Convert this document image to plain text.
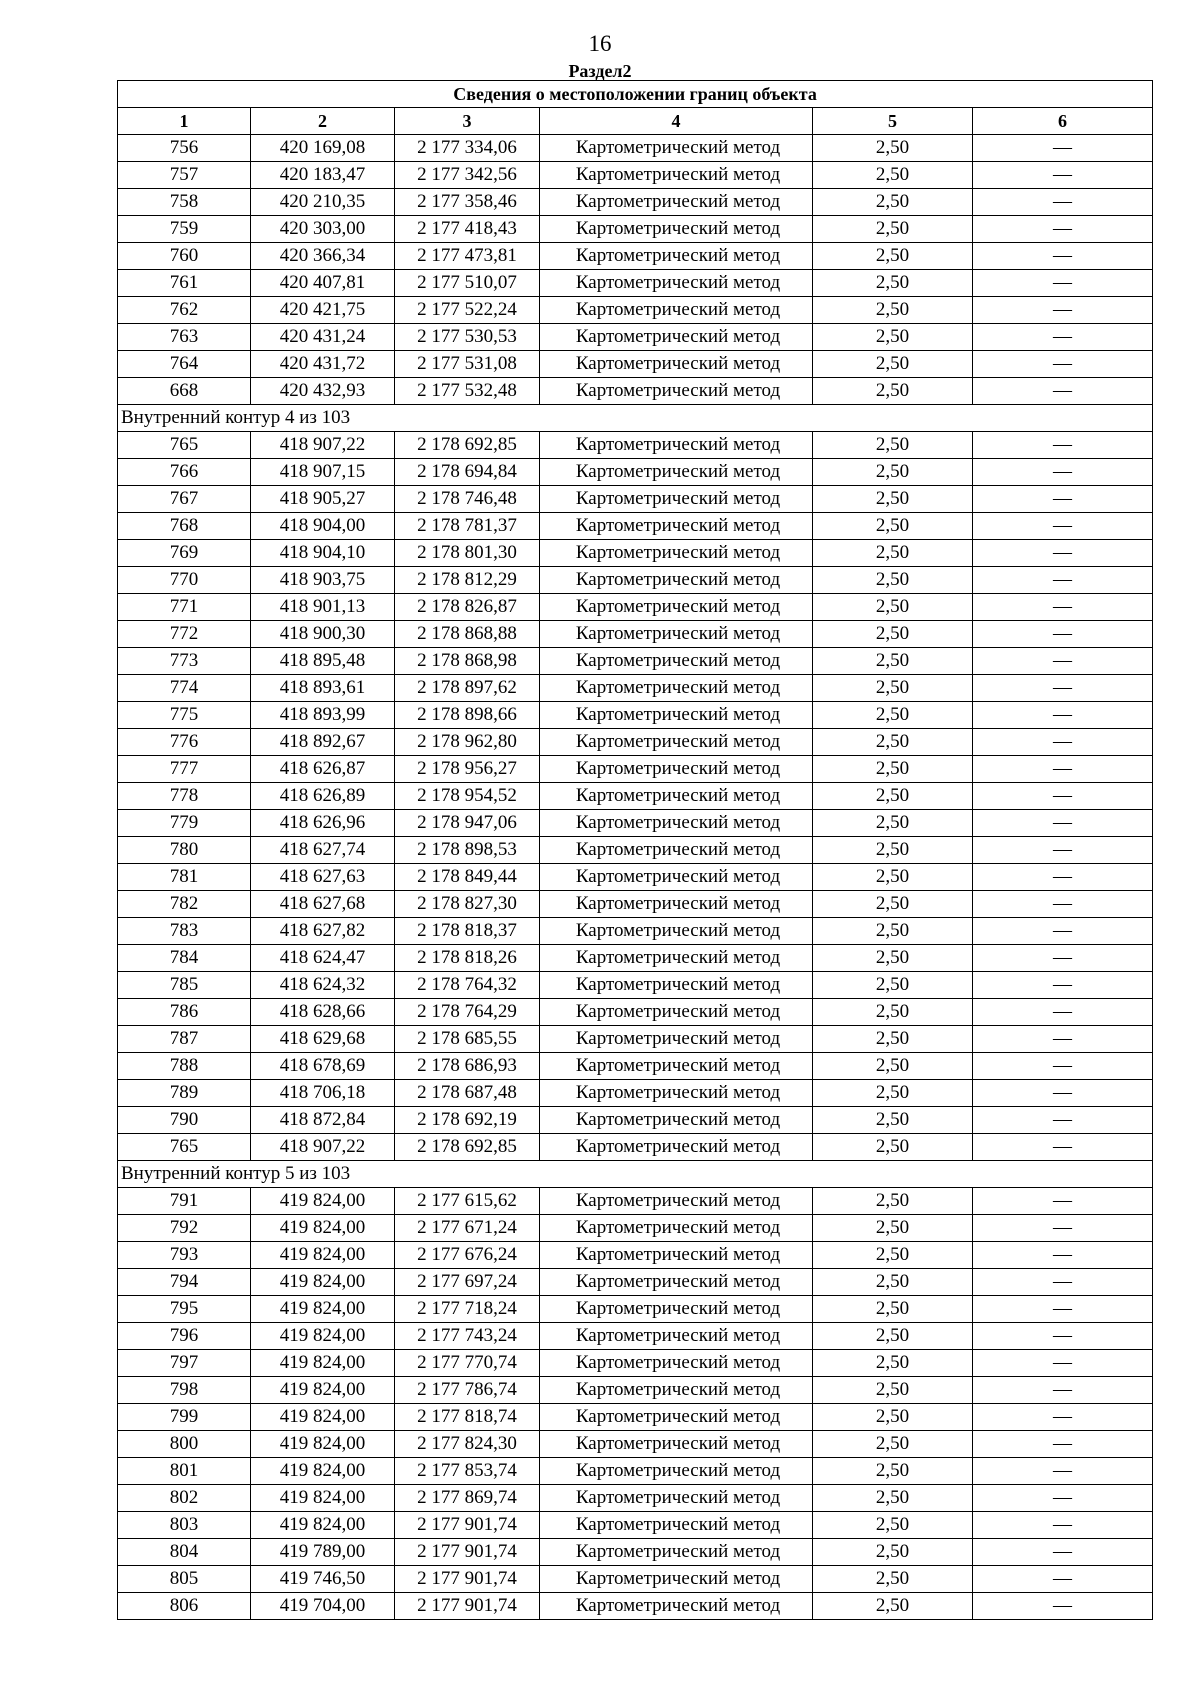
16
Раздел2
Сведения о местоположении границ объекта					
1	2	3	4	5	6
756	420 169,08	2 177 334,06	Картометрический метод	2,50	—
757	420 183,47	2 177 342,56	Картометрический метод	2,50	—
758	420 210,35	2 177 358,46	Картометрический метод	2,50	—
759	420 303,00	2 177 418,43	Картометрический метод	2,50	—
760	420 366,34	2 177 473,81	Картометрический метод	2,50	—
761	420 407,81	2 177 510,07	Картометрический метод	2,50	—
762	420 421,75	2 177 522,24	Картометрический метод	2,50	—
763	420 431,24	2 177 530,53	Картометрический метод	2,50	—
764	420 431,72	2 177 531,08	Картометрический метод	2,50	—
668	420 432,93	2 177 532,48	Картометрический метод	2,50	—
Внутренний контур 4 из 103					
765	418 907,22	2 178 692,85	Картометрический метод	2,50	—
766	418 907,15	2 178 694,84	Картометрический метод	2,50	—
767	418 905,27	2 178 746,48	Картометрический метод	2,50	—
768	418 904,00	2 178 781,37	Картометрический метод	2,50	—
769	418 904,10	2 178 801,30	Картометрический метод	2,50	—
770	418 903,75	2 178 812,29	Картометрический метод	2,50	—
771	418 901,13	2 178 826,87	Картометрический метод	2,50	—
772	418 900,30	2 178 868,88	Картометрический метод	2,50	—
773	418 895,48	2 178 868,98	Картометрический метод	2,50	—
774	418 893,61	2 178 897,62	Картометрический метод	2,50	—
775	418 893,99	2 178 898,66	Картометрический метод	2,50	—
776	418 892,67	2 178 962,80	Картометрический метод	2,50	—
777	418 626,87	2 178 956,27	Картометрический метод	2,50	—
778	418 626,89	2 178 954,52	Картометрический метод	2,50	—
779	418 626,96	2 178 947,06	Картометрический метод	2,50	—
780	418 627,74	2 178 898,53	Картометрический метод	2,50	—
781	418 627,63	2 178 849,44	Картометрический метод	2,50	—
782	418 627,68	2 178 827,30	Картометрический метод	2,50	—
783	418 627,82	2 178 818,37	Картометрический метод	2,50	—
784	418 624,47	2 178 818,26	Картометрический метод	2,50	—
785	418 624,32	2 178 764,32	Картометрический метод	2,50	—
786	418 628,66	2 178 764,29	Картометрический метод	2,50	—
787	418 629,68	2 178 685,55	Картометрический метод	2,50	—
788	418 678,69	2 178 686,93	Картометрический метод	2,50	—
789	418 706,18	2 178 687,48	Картометрический метод	2,50	—
790	418 872,84	2 178 692,19	Картометрический метод	2,50	—
765	418 907,22	2 178 692,85	Картометрический метод	2,50	—
Внутренний контур 5 из 103					
791	419 824,00	2 177 615,62	Картометрический метод	2,50	—
792	419 824,00	2 177 671,24	Картометрический метод	2,50	—
793	419 824,00	2 177 676,24	Картометрический метод	2,50	—
794	419 824,00	2 177 697,24	Картометрический метод	2,50	—
795	419 824,00	2 177 718,24	Картометрический метод	2,50	—
796	419 824,00	2 177 743,24	Картометрический метод	2,50	—
797	419 824,00	2 177 770,74	Картометрический метод	2,50	—
798	419 824,00	2 177 786,74	Картометрический метод	2,50	—
799	419 824,00	2 177 818,74	Картометрический метод	2,50	—
800	419 824,00	2 177 824,30	Картометрический метод	2,50	—
801	419 824,00	2 177 853,74	Картометрический метод	2,50	—
802	419 824,00	2 177 869,74	Картометрический метод	2,50	—
803	419 824,00	2 177 901,74	Картометрический метод	2,50	—
804	419 789,00	2 177 901,74	Картометрический метод	2,50	—
805	419 746,50	2 177 901,74	Картометрический метод	2,50	—
806	419 704,00	2 177 901,74	Картометрический метод	2,50	—
